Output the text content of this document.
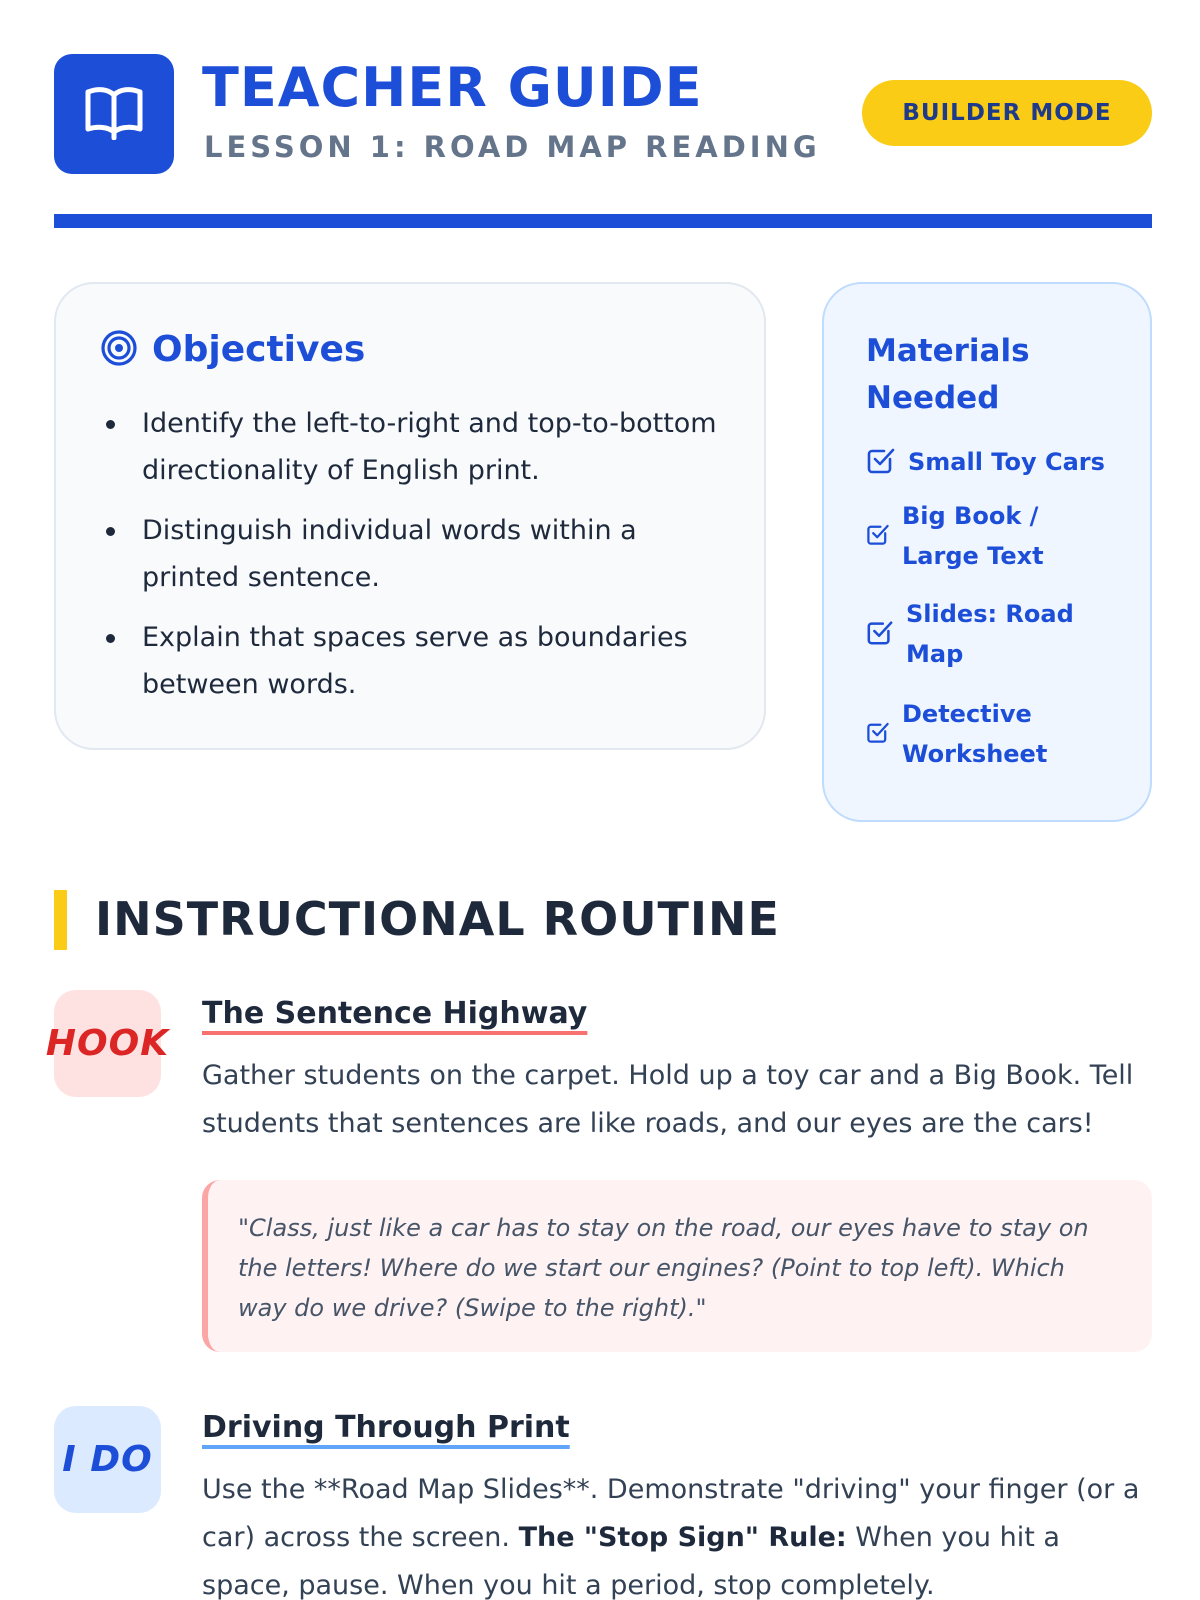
TEACHER GUIDE
LESSON 1: ROAD MAP READING
BUILDER MODE
Objectives
Identify the left-to-right and top-to-bottom directionality of English print.
Distinguish individual words within a printed sentence.
Explain that spaces serve as boundaries between words.
Materials Needed
Small Toy Cars
Big Book / Large Text
Slides: Road Map
Detective Worksheet
INSTRUCTIONAL ROUTINE
HOOK
The Sentence Highway
Gather students on the carpet. Hold up a toy car and a Big Book. Tell students that sentences are like roads, and our eyes are the cars!
"Class, just like a car has to stay on the road, our eyes have to stay on the letters! Where do we start our engines? (Point to top left). Which way do we drive? (Swipe to the right)."
I DO
Driving Through Print
Use the **Road Map Slides**. Demonstrate "driving" your finger (or a car) across the screen. The "Stop Sign" Rule: When you hit a space, pause. When you hit a period, stop completely.
